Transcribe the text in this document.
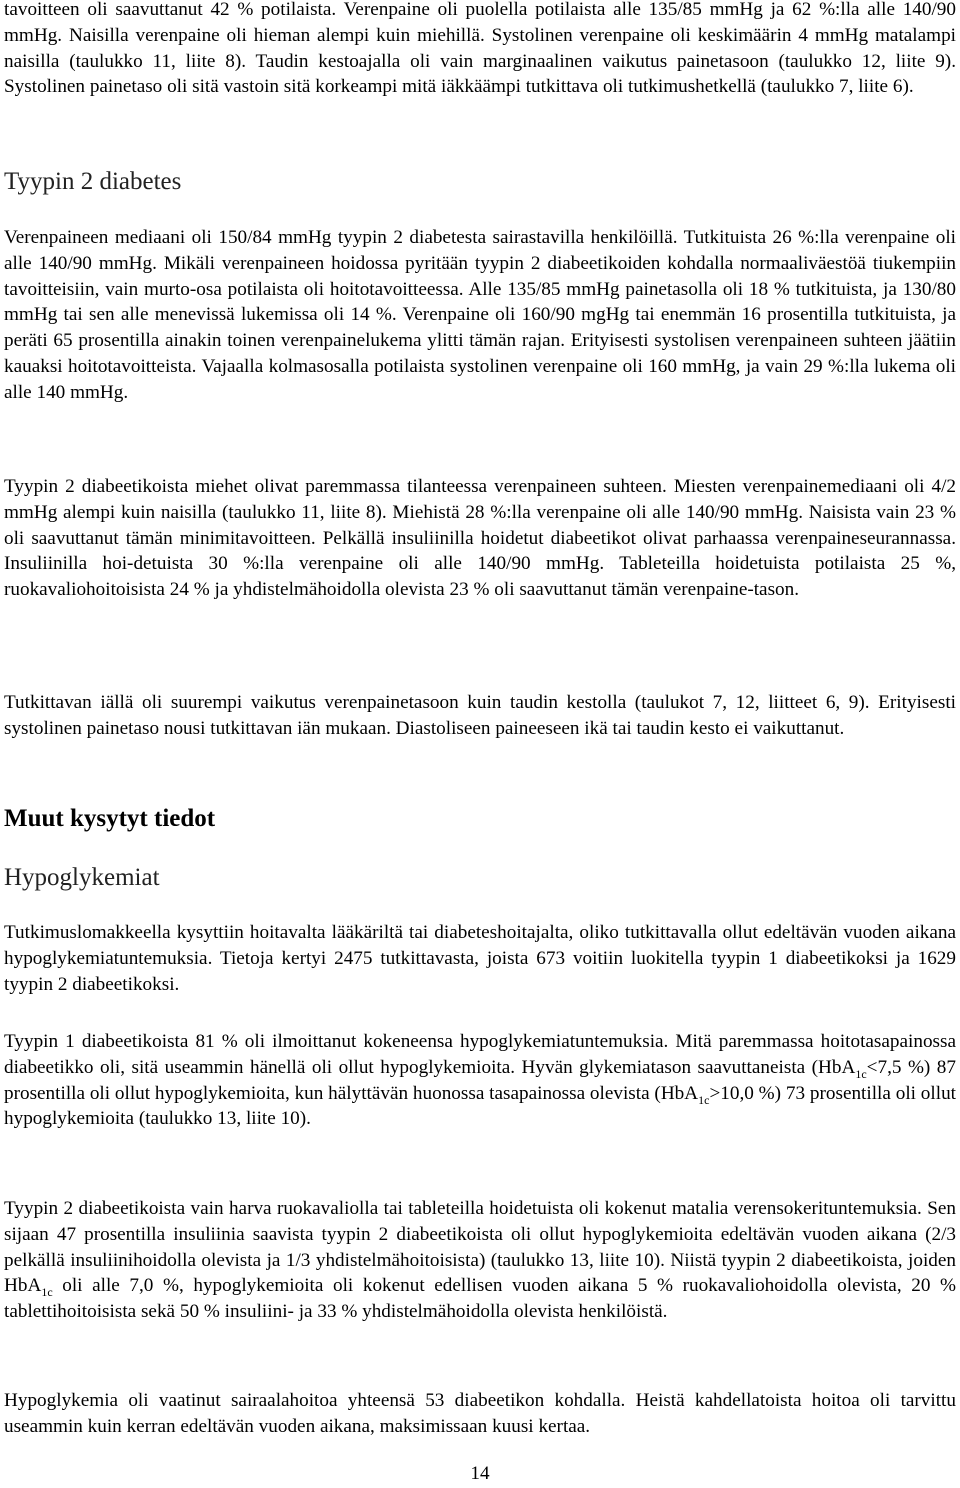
tavoitteen oli saavuttanut 42 % potilaista. Verenpaine oli puolella potilaista alle 135/85 mmHg ja 62 %:lla alle 140/90 mmHg. Naisilla verenpaine oli hieman alempi kuin miehillä. Systolinen verenpaine oli keskimäärin 4 mmHg matalampi naisilla (taulukko 11, liite 8). Taudin kestoajalla oli vain marginaalinen vaikutus painetasoon (taulukko 12, liite 9). Systolinen painetaso oli sitä vastoin sitä korkeampi mitä iäkkäämpi tutkittava oli tutkimushetkellä (taulukko 7, liite 6).

Tyypin 2 diabetes

Verenpaineen mediaani oli 150/84 mmHg tyypin 2 diabetesta sairastavilla henkilöillä. Tutkituista 26 %:lla verenpaine oli alle 140/90 mmHg. Mikäli verenpaineen hoidossa pyritään tyypin 2 diabeetikoiden kohdalla normaaliväestöä tiukempiin tavoitteisiin, vain murto-osa potilaista oli hoitotavoitteessa. Alle 135/85 mmHg painetasolla oli 18 % tutkituista, ja 130/80 mmHg tai sen alle menevissä lukemissa oli 14 %. Verenpaine oli 160/90 mgHg tai enemmän 16 prosentilla tutkituista, ja peräti 65 prosentilla ainakin toinen verenpainelukema ylitti tämän rajan. Erityisesti systolisen verenpaineen suhteen jäätiin kauaksi hoitotavoitteista. Vajaalla kolmasosalla potilaista systolinen verenpaine oli 160 mmHg, ja vain 29 %:lla lukema oli alle 140 mmHg.

Tyypin 2 diabeetikoista miehet olivat paremmassa tilanteessa verenpaineen suhteen. Miesten verenpainemediaani oli 4/2 mmHg alempi kuin naisilla (taulukko 11, liite 8). Miehistä 28 %:lla verenpaine oli alle 140/90 mmHg. Naisista vain 23 % oli saavuttanut tämän minimitavoitteen. Pelkällä insuliinilla hoidetut diabeetikot olivat parhaassa verenpaineseurannassa. Insuliinilla hoi-detuista 30 %:lla verenpaine oli alle 140/90 mmHg. Tableteilla hoidetuista potilaista 25 %, ruokavaliohoitoisista 24 % ja yhdistelmähoidolla olevista 23 % oli saavuttanut tämän verenpaine-tason.

Tutkittavan iällä oli suurempi vaikutus verenpainetasoon kuin taudin kestolla (taulukot 7, 12, liitteet 6, 9). Erityisesti systolinen painetaso nousi tutkittavan iän mukaan. Diastoliseen paineeseen ikä tai taudin kesto ei vaikuttanut.

Muut kysytyt tiedot
Hypoglykemiat

Tutkimuslomakkeella kysyttiin hoitavalta lääkäriltä tai diabeteshoitajalta, oliko tutkittavalla ollut edeltävän vuoden aikana hypoglykemiatuntemuksia. Tietoja kertyi 2475 tutkittavasta, joista 673 voitiin luokitella tyypin 1 diabeetikoksi ja 1629 tyypin 2 diabeetikoksi.

Tyypin 1 diabeetikoista 81 % oli ilmoittanut kokeneensa hypoglykemiatuntemuksia. Mitä paremmassa hoitotasapainossa diabeetikko oli, sitä useammin hänellä oli ollut hypoglykemioita. Hyvän glykemiatason saavuttaneista (HbA$_{1c}$<7,5 %) 87 prosentilla oli ollut hypoglykemioita, kun hälyttävän huonossa tasapainossa olevista (HbA$_{1c}$>10,0 %) 73 prosentilla oli ollut hypoglykemioita (taulukko 13, liite 10).

Tyypin 2 diabeetikoista vain harva ruokavaliolla tai tableteilla hoidetuista oli kokenut matalia verensokerituntemuksia. Sen sijaan 47 prosentilla insuliinia saavista tyypin 2 diabeetikoista oli ollut hypoglykemioita edeltävän vuoden aikana (2/3 pelkällä insuliinihoidolla olevista ja 1/3 yhdistelmähoitoisista) (taulukko 13, liite 10). Niistä tyypin 2 diabeetikoista, joiden HbA$_{1c}$ oli alle 7,0 %, hypoglykemioita oli kokenut edellisen vuoden aikana 5 % ruokavaliohoidolla olevista, 20 % tablettihoitoisista sekä 50 % insuliini- ja 33 % yhdistelmähoidolla olevista henkilöistä.

Hypoglykemia oli vaatinut sairaalahoitoa yhteensä 53 diabeetikon kohdalla. Heistä kahdellatoista hoitoa oli tarvittu useammin kuin kerran edeltävän vuoden aikana, maksimissaan kuusi kertaa.

14
